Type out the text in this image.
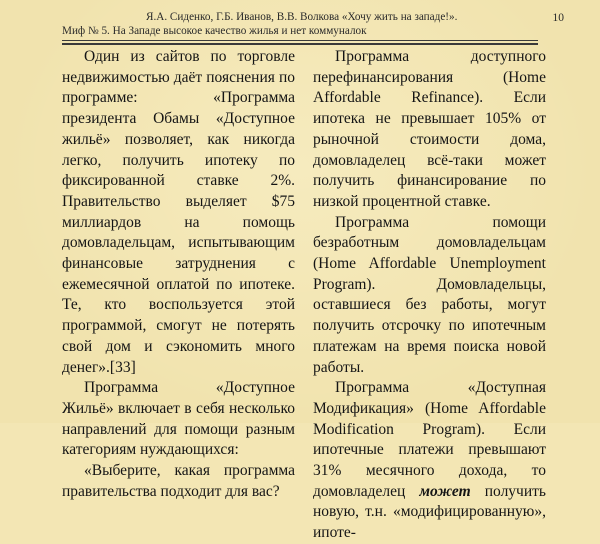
Я.А. Сиденко, Г.Б. Иванов, В.В. Волкова «Хочу жить на западе!».
Миф № 5. На Западе высокое качество жилья и нет коммуналок
10

Один из сайтов по торговле недвижимостью даёт пояснения по программе: «Программа президента Обамы «Доступное жильё» позволяет, как никогда легко, получить ипотеку по фиксированной ставке 2%. Правительство выделяет $75 миллиардов на помощь домовладельцам, испытывающим финансовые затруднения с ежемесячной оплатой по ипотеке. Те, кто воспользуется этой программой, смогут не потерять свой дом и сэкономить много денег».[33]

Программа «Доступное Жильё» включает в себя несколько направлений для помощи разным категориям нуждающихся:

«Выберите, какая программа правительства подходит для вас?

Программа доступного перефинансирования (Home Affordable Refinance). Если ипотека не превышает 105% от рыночной стоимости дома, домовладелец всё-таки может получить финансирование по низкой процентной ставке.

Программа помощи безработным домовладельцам (Home Affordable Unemployment Program). Домовладельцы, оставшиеся без работы, могут получить отсрочку по ипотечным платежам на время поиска новой работы.

Программа «Доступная Модификация» (Home Affordable Modification Program). Если ипотечные платежи превышают 31% месячного дохода, то домовладелец может получить новую, т.н. «модифицированную», ипоте-
